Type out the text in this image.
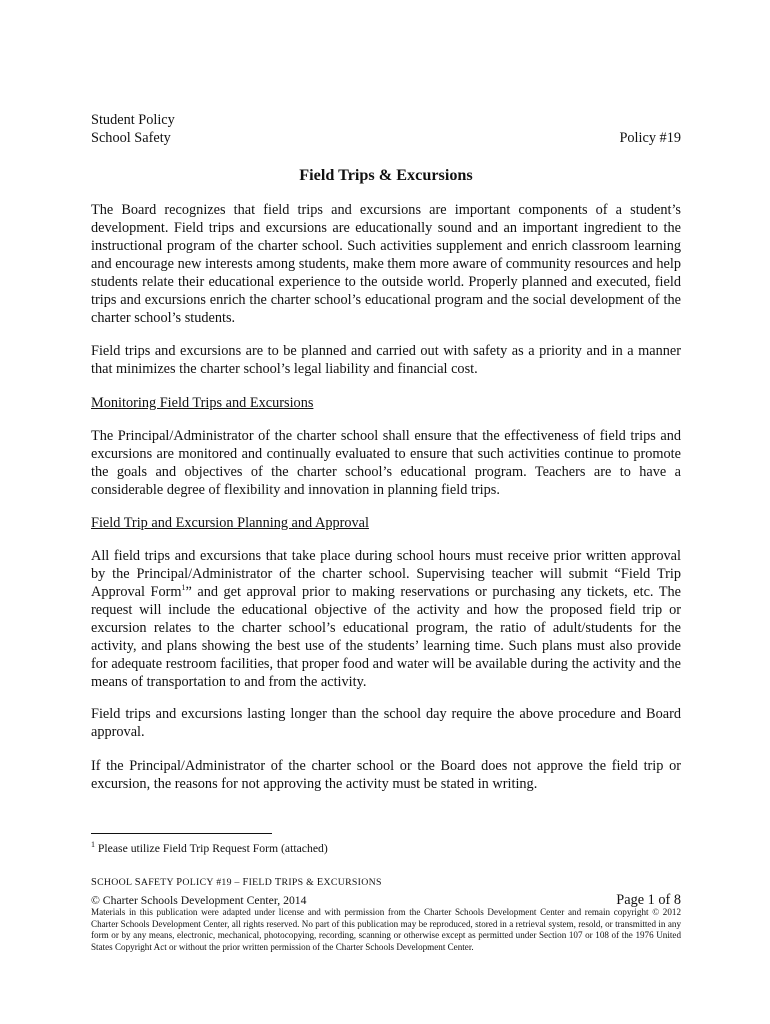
Student Policy
School Safety	Policy #19
Field Trips & Excursions
The Board recognizes that field trips and excursions are important components of a student’s development. Field trips and excursions are educationally sound and an important ingredient to the instructional program of the charter school. Such activities supplement and enrich classroom learning and encourage new interests among students, make them more aware of community resources and help students relate their educational experience to the outside world. Properly planned and executed, field trips and excursions enrich the charter school’s educational program and the social development of the charter school’s students.
Field trips and excursions are to be planned and carried out with safety as a priority and in a manner that minimizes the charter school’s legal liability and financial cost.
Monitoring Field Trips and Excursions
The Principal/Administrator of the charter school shall ensure that the effectiveness of field trips and excursions are monitored and continually evaluated to ensure that such activities continue to promote the goals and objectives of the charter school’s educational program. Teachers are to have a considerable degree of flexibility and innovation in planning field trips.
Field Trip and Excursion Planning and Approval
All field trips and excursions that take place during school hours must receive prior written approval by the Principal/Administrator of the charter school. Supervising teacher will submit “Field Trip Approval Form$^1$” and get approval prior to making reservations or purchasing any tickets, etc. The request will include the educational objective of the activity and how the proposed field trip or excursion relates to the charter school’s educational program, the ratio of adult/students for the activity, and plans showing the best use of the students’ learning time. Such plans must also provide for adequate restroom facilities, that proper food and water will be available during the activity and the means of transportation to and from the activity.
Field trips and excursions lasting longer than the school day require the above procedure and Board approval.
If the Principal/Administrator of the charter school or the Board does not approve the field trip or excursion, the reasons for not approving the activity must be stated in writing.
$^1$ Please utilize Field Trip Request Form (attached)
SCHOOL SAFETY POLICY #19 – FIELD TRIPS & EXCURSIONS
© Charter Schools Development Center, 2014	Page 1 of 8
Materials in this publication were adapted under license and with permission from the Charter Schools Development Center and remain copyright © 2012 Charter Schools Development Center, all rights reserved. No part of this publication may be reproduced, stored in a retrieval system, resold, or transmitted in any form or by any means, electronic, mechanical, photocopying, recording, scanning or otherwise except as permitted under Section 107 or 108 of the 1976 United States Copyright Act or without the prior written permission of the Charter Schools Development Center.
